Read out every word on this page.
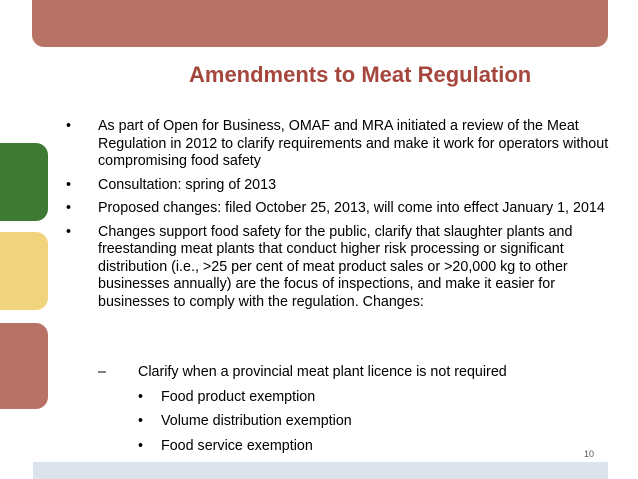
Amendments to Meat Regulation
• As part of Open for Business, OMAF and MRA initiated a review of the Meat Regulation in 2012 to clarify requirements and make it work for operators without compromising food safety
• Consultation: spring of 2013
• Proposed changes: filed October 25, 2013, will come into effect January 1, 2014
• Changes support food safety for the public, clarify that slaughter plants and freestanding meat plants that conduct higher risk processing or significant distribution (i.e., >25 per cent of meat product sales or >20,000 kg to other businesses annually) are the focus of inspections, and make it easier for businesses to comply with the regulation. Changes:
– Clarify when a provincial meat plant licence is not required
• Food product exemption
• Volume distribution exemption
• Food service exemption
10
